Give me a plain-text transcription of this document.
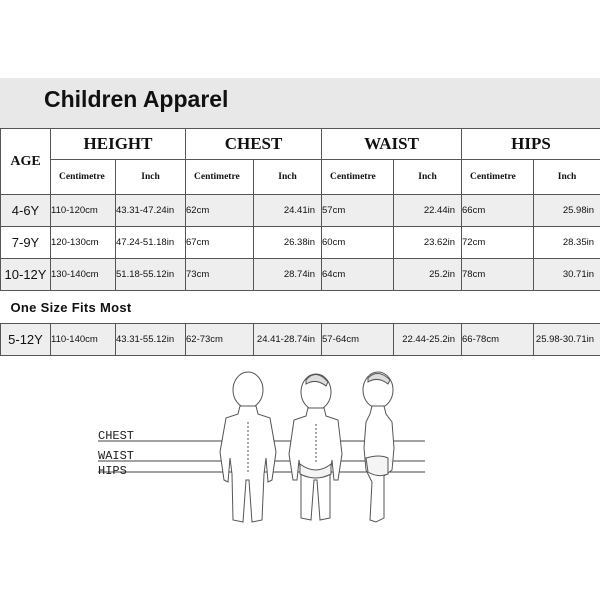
Children Apparel
AGE	HEIGHT		CHEST		WAIST		HIPS	
	Centimetre	Inch	Centimetre	Inch	Centimetre	Inch	Centimetre	Inch
4-6Y	110-120cm	43.31-47.24in	62cm	24.41in	57cm	22.44in	66cm	25.98in
7-9Y	120-130cm	47.24-51.18in	67cm	26.38in	60cm	23.62in	72cm	28.35in
10-12Y	130-140cm	51.18-55.12in	73cm	28.74in	64cm	25.2in	78cm	30.71in
One Size Fits Most								
5-12Y	110-140cm	43.31-55.12in	62-73cm	24.41-28.74in	57-64cm	22.44-25.2in	66-78cm	25.98-30.71in
CHEST
WAIST
HIPS
